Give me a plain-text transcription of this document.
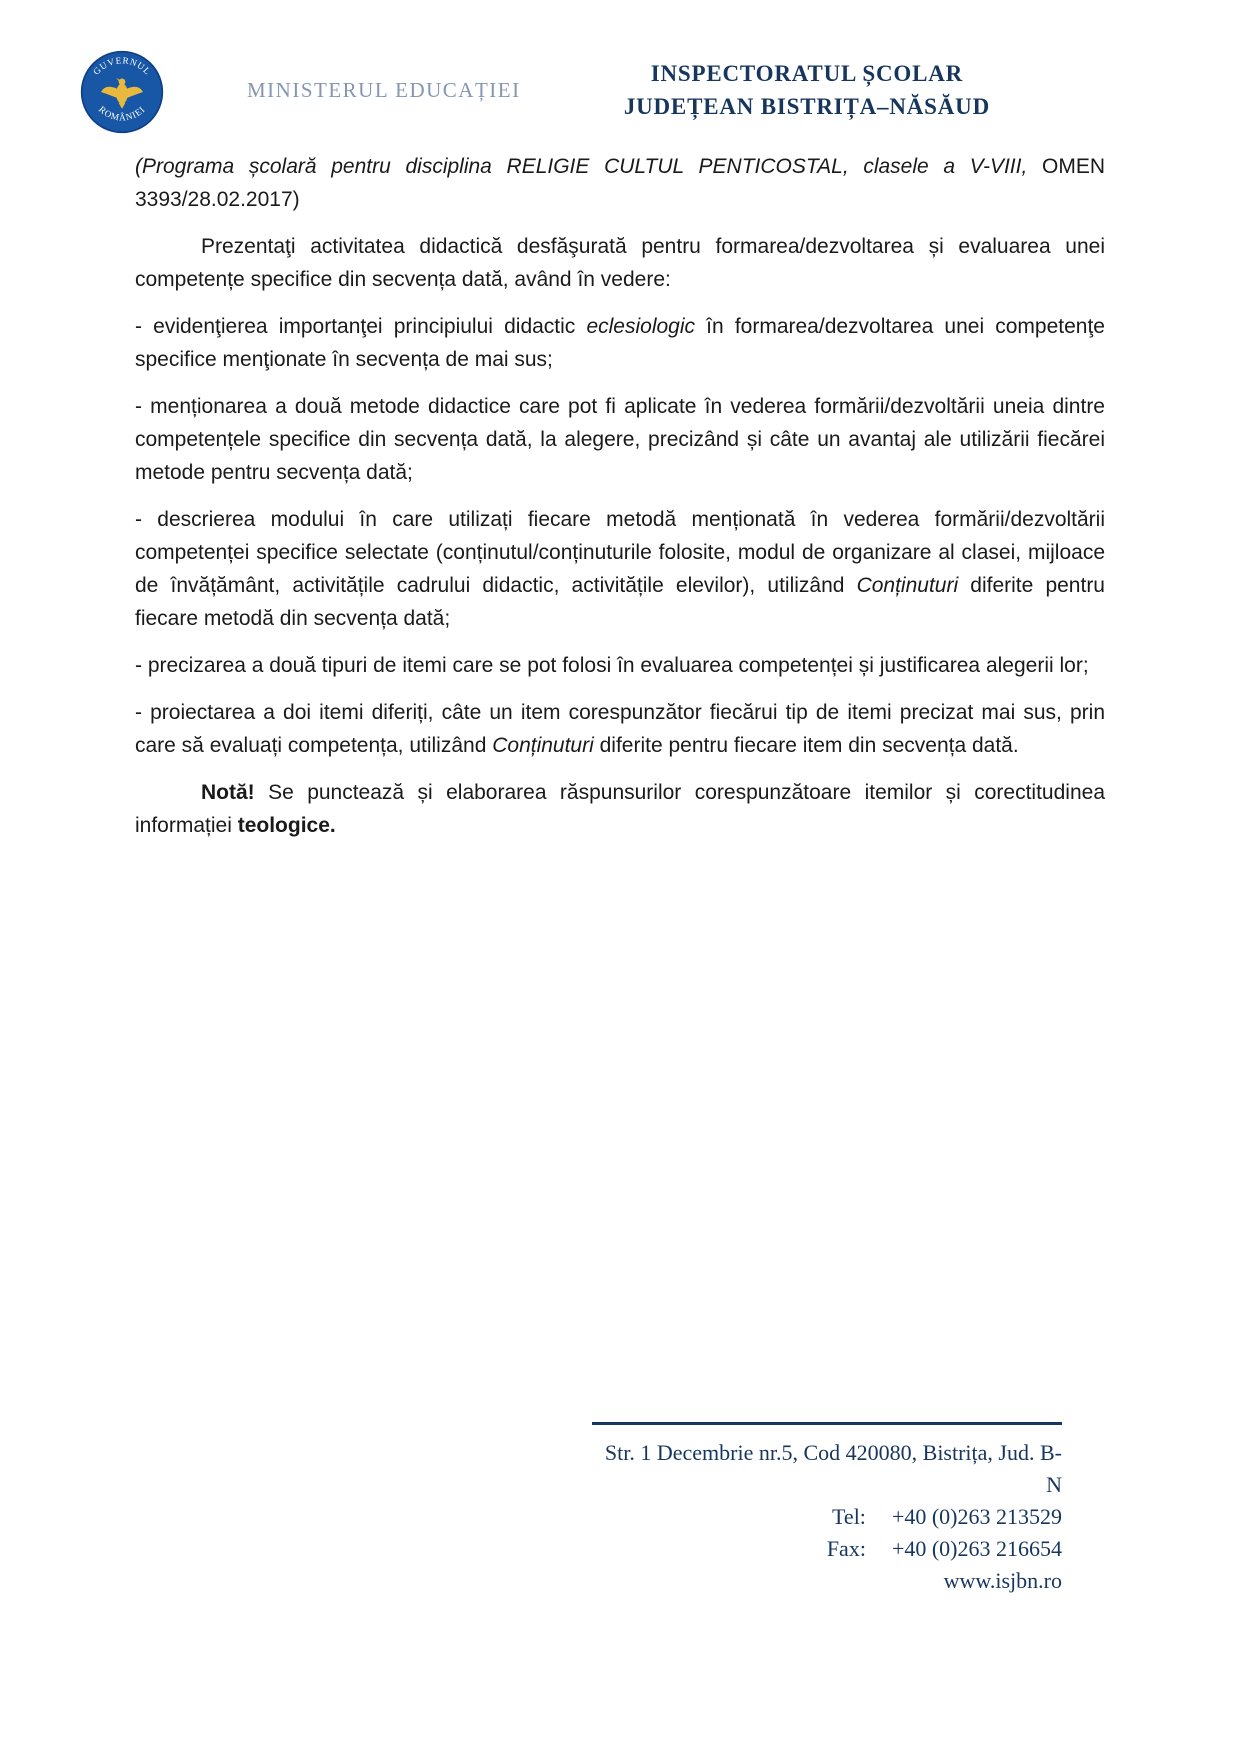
GUVERNUL
ROMÂNIEI
MINISTERUL EDUCAȚIEI
INSPECTORATUL ȘCOLAR
JUDEȚEAN BISTRIȚA–NĂSĂUD

(Programa școlară pentru disciplina RELIGIE CULTUL PENTICOSTAL, clasele a V-VIII, OMEN 3393/28.02.2017)

Prezentaţi activitatea didactică desfăşurată pentru formarea/dezvoltarea și evaluarea unei competențe specifice din secvența dată, având în vedere:

- evidenţierea importanţei principiului didactic eclesiologic în formarea/dezvoltarea unei competenţe specifice menţionate în secvența de mai sus;

- menționarea a două metode didactice care pot fi aplicate în vederea formării/dezvoltării uneia dintre competențele specifice din secvența dată, la alegere, precizând și câte un avantaj ale utilizării fiecărei metode pentru secvența dată;

- descrierea modului în care utilizați fiecare metodă menționată în vederea formării/dezvoltării competenței specifice selectate (conținutul/conținuturile folosite, modul de organizare al clasei, mijloace de învățământ, activitățile cadrului didactic, activitățile elevilor), utilizând Conținuturi diferite pentru fiecare metodă din secvența dată;

- precizarea a două tipuri de itemi care se pot folosi în evaluarea competenței și justificarea alegerii lor;

- proiectarea a doi itemi diferiți, câte un item corespunzător fiecărui tip de itemi precizat mai sus, prin care să evaluați competența, utilizând Conținuturi diferite pentru fiecare item din secvența dată.

Notă! Se punctează și elaborarea răspunsurilor corespunzătoare itemilor și corectitudinea informației teologice.

Str. 1 Decembrie nr.5, Cod 420080, Bistrița, Jud. B-N
Tel: +40 (0)263 213529
Fax: +40 (0)263 216654
www.isjbn.ro
